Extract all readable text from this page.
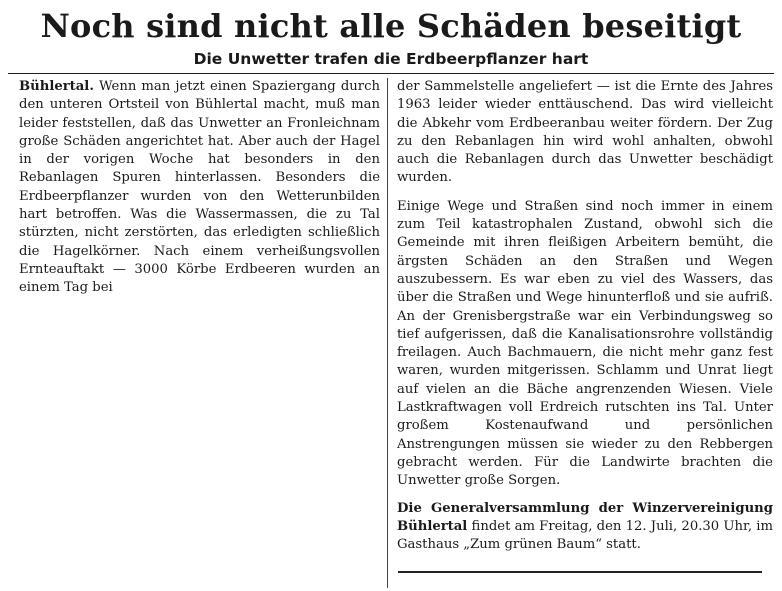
Noch sind nicht alle Schäden beseitigt
Die Unwetter trafen die Erdbeerpflanzer hart

Bühlertal. Wenn man jetzt einen Spaziergang durch den unteren Ortsteil von Bühlertal macht, muß man leider feststellen, daß das Unwetter an Fronleichnam große Schäden angerichtet hat. Aber auch der Hagel in der vorigen Woche hat besonders in den Rebanlagen Spuren hinterlassen. Besonders die Erdbeerpflanzer wurden von den Wetterunbilden hart betroffen. Was die Wassermassen, die zu Tal stürzten, nicht zerstörten, das erledigten schließlich die Hagelkörner. Nach einem verheißungsvollen Ernteauftakt — 3000 Körbe Erdbeeren wurden an einem Tag bei

der Sammelstelle angeliefert — ist die Ernte des Jahres 1963 leider wieder enttäuschend. Das wird vielleicht die Abkehr vom Erdbeeranbau weiter fördern. Der Zug zu den Rebanlagen hin wird wohl anhalten, obwohl auch die Rebanlagen durch das Unwetter beschädigt wurden.

Einige Wege und Straßen sind noch immer in einem zum Teil katastrophalen Zustand, obwohl sich die Gemeinde mit ihren fleißigen Arbeitern bemüht, die ärgsten Schäden an den Straßen und Wegen auszubessern. Es war eben zu viel des Wassers, das über die Straßen und Wege hinunterfloß und sie aufriß. An der Grenisbergstraße war ein Verbindungsweg so tief aufgerissen, daß die Kanalisationsrohre vollständig freilagen. Auch Bachmauern, die nicht mehr ganz fest waren, wurden mitgerissen. Schlamm und Unrat liegt auf vielen an die Bäche angrenzenden Wiesen. Viele Lastkraftwagen voll Erdreich rutschten ins Tal. Unter großem Kostenaufwand und persönlichen Anstrengungen müssen sie wieder zu den Rebbergen gebracht werden. Für die Landwirte brachten die Unwetter große Sorgen.

Die Generalversammlung der Winzervereinigung Bühlertal findet am Freitag, den 12. Juli, 20.30 Uhr, im Gasthaus „Zum grünen Baum“ statt.
